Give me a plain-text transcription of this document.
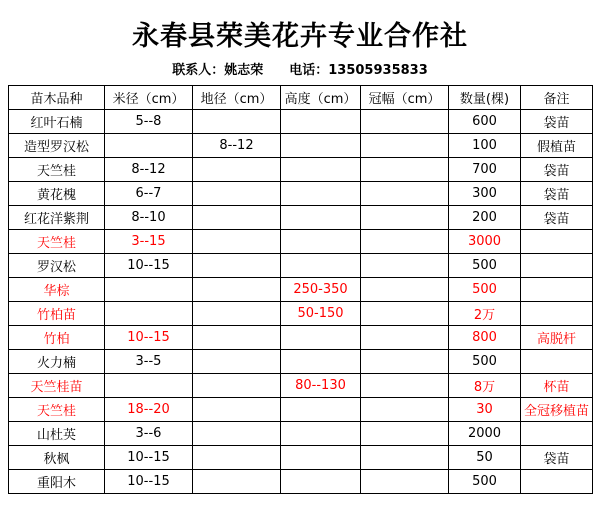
永春县荣美花卉专业合作社
联系人：姚志荣 电话：13505935833
苗木品种	米径（cm）	地径（cm）	高度（cm）	冠幅（cm）	数量(棵)	备注
红叶石楠	5--8				600	袋苗
造型罗汉松		8--12			100	假植苗
天竺桂	8--12				700	袋苗
黄花槐	6--7				300	袋苗
红花洋紫荆	8--10				200	袋苗
天竺桂	3--15				3000	
罗汉松	10--15				500	
华棕			250-350		500	
竹柏苗			50-150		2万	
竹柏	10--15				800	高脱杆
火力楠	3--5				500	
天竺桂苗			80--130		8万	杯苗
天竺桂	18--20				30	全冠移植苗
山杜英	3--6				2000	
秋枫	10--15				50	袋苗
重阳木	10--15				500	
